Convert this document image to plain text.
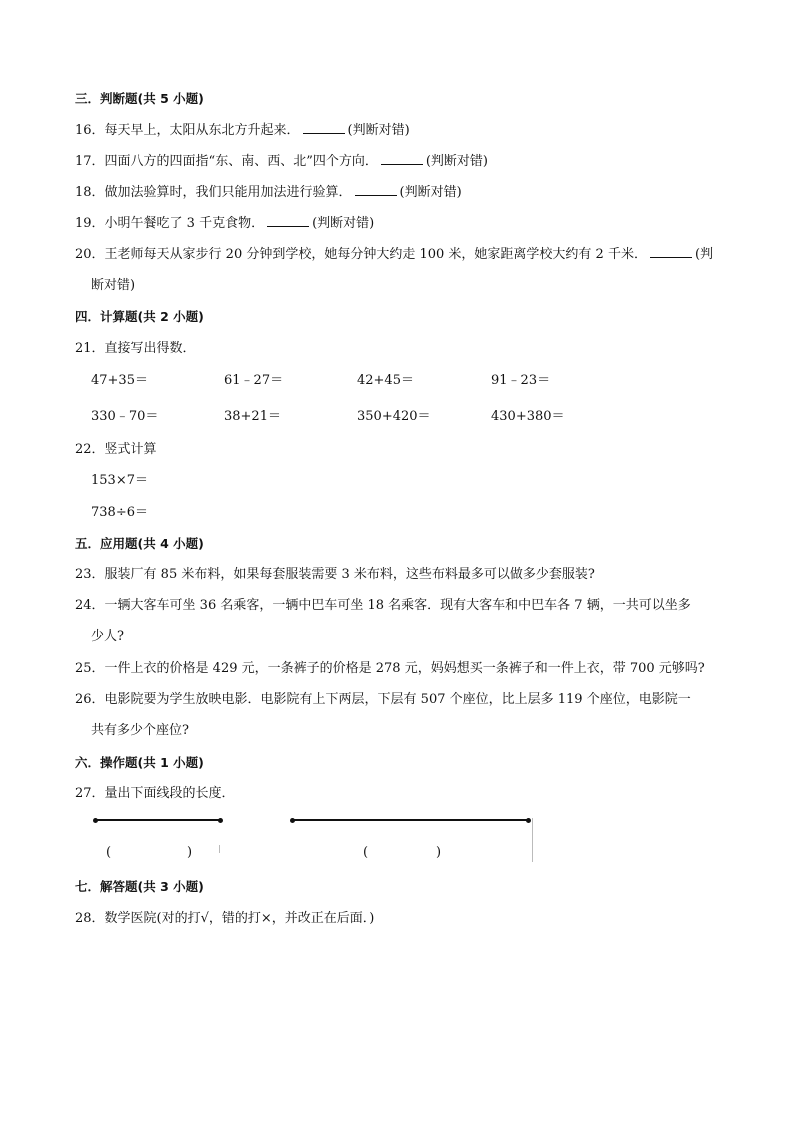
三．判断题(共 5 小题)
16．每天早上，太阳从东北方升起来．	(判断对错)
17．四面八方的四面指“东、南、西、北”四个方向．	(判断对错)
18．做加法验算时，我们只能用加法进行验算．	(判断对错)
19．小明午餐吃了 3 千克食物．	(判断对错)
20．王老师每天从家步行 20 分钟到学校，她每分钟大约走 100 米，她家距离学校大约有 2 千米．	(判
断对错)
四．计算题(共 2 小题)
21．直接写出得数．
47+35＝	61﹣27＝	42+45＝	91﹣23＝
330﹣70＝	38+21＝	350+420＝	430+380＝
22．竖式计算
153×7＝
738÷6＝
五．应用题(共 4 小题)
23．服装厂有 85 米布料，如果每套服装需要 3 米布料，这些布料最多可以做多少套服装?
24．一辆大客车可坐 36 名乘客，一辆中巴车可坐 18 名乘客．现有大客车和中巴车各 7 辆，一共可以坐多
少人?
25．一件上衣的价格是 429 元，一条裤子的价格是 278 元，妈妈想买一条裤子和一件上衣，带 700 元够吗?
26．电影院要为学生放映电影．电影院有上下两层，下层有 507 个座位，比上层多 119 个座位，电影院一
共有多少个座位?
六．操作题(共 1 小题)
27．量出下面线段的长度．
(	)	(	)
七．解答题(共 3 小题)
28．数学医院(对的打√，错的打×，并改正在后面．)
